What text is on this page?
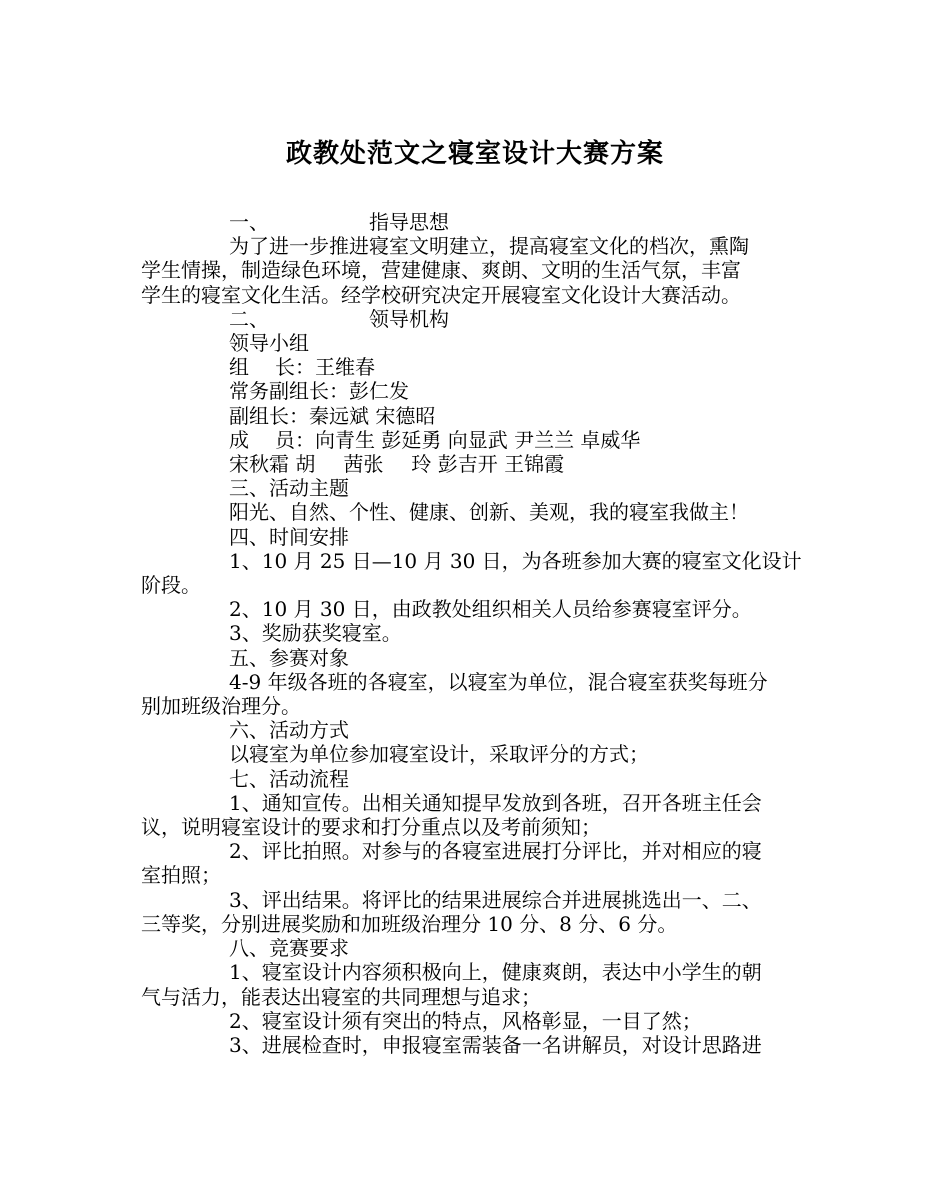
政教处范文之寝室设计大赛方案
一、	指导思想
为了进一步推进寝室文明建立，提高寝室文化的档次，熏陶
学生情操，制造绿色环境，营建健康、爽朗、文明的生活气氛，丰富
学生的寝室文化生活。经学校研究决定开展寝室文化设计大赛活动。
二、	领导机构
领导小组
组 长：王维春
常务副组长：彭仁发
副组长：秦远斌 宋德昭
成 员：向青生 彭延勇 向显武 尹兰兰 卓威华
宋秋霜 胡 茜张 玲 彭吉开 王锦霞
三、活动主题
阳光、自然、个性、健康、创新、美观，我的寝室我做主！
四、时间安排
1、10 月 25 日—10 月 30 日，为各班参加大赛的寝室文化设计
阶段。
2、10 月 30 日，由政教处组织相关人员给参赛寝室评分。
3、奖励获奖寝室。
五、参赛对象
4-9 年级各班的各寝室，以寝室为单位，混合寝室获奖每班分
别加班级治理分。
六、活动方式
以寝室为单位参加寝室设计，采取评分的方式；
七、活动流程
1、通知宣传。出相关通知提早发放到各班，召开各班主任会
议，说明寝室设计的要求和打分重点以及考前须知；
2、评比拍照。对参与的各寝室进展打分评比，并对相应的寝
室拍照；
3、评出结果。将评比的结果进展综合并进展挑选出一、二、
三等奖，分别进展奖励和加班级治理分 10 分、8 分、6 分。
八、竞赛要求
1、寝室设计内容须积极向上，健康爽朗，表达中小学生的朝
气与活力，能表达出寝室的共同理想与追求；
2、寝室设计须有突出的特点，风格彰显，一目了然；
3、进展检查时，申报寝室需装备一名讲解员，对设计思路进
